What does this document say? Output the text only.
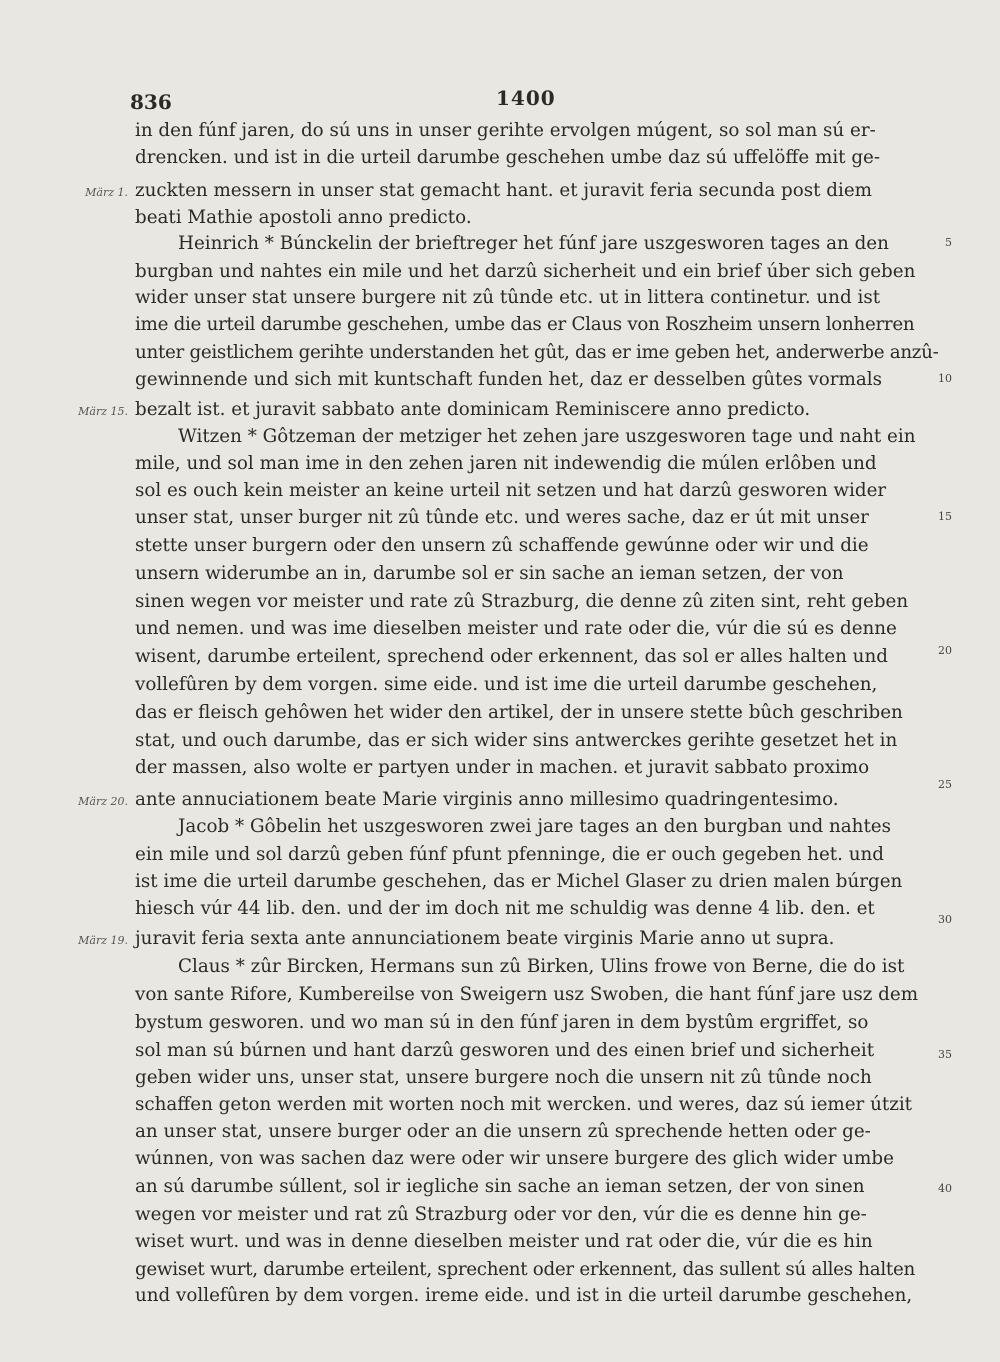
836	1400
in den fúnf jaren, do sú uns in unser gerihte ervolgen múgent, so sol man sú er-
drencken. und ist in die urteil darumbe geschehen umbe daz sú uffelöffe mit ge-
zuckten messern in unser stat gemacht hant. et juravit feria secunda post diem
beati Mathie apostoli anno predicto.
Heinrich * Búnckelin der brieftreger het fúnf jare uszgesworen tages an den
burgban und nahtes ein mile und het darzû sicherheit und ein brief úber sich geben
wider unser stat unsere burgere nit zû tûnde etc. ut in littera continetur. und ist
ime die urteil darumbe geschehen, umbe das er Claus von Roszheim unsern lonherren
unter geistlichem gerihte understanden het gût, das er ime geben het, anderwerbe anzû-
gewinnende und sich mit kuntschaft funden het, daz er desselben gûtes vormals
bezalt ist. et juravit sabbato ante dominicam Reminiscere anno predicto.
Witzen * Gôtzeman der metziger het zehen jare uszgesworen tage und naht ein
mile, und sol man ime in den zehen jaren nit indewendig die múlen erlôben und
sol es ouch kein meister an keine urteil nit setzen und hat darzû gesworen wider
unser stat, unser burger nit zû tûnde etc. und weres sache, daz er út mit unser
stette unser burgern oder den unsern zû schaffende gewúnne oder wir und die
unsern widerumbe an in, darumbe sol er sin sache an ieman setzen, der von
sinen wegen vor meister und rate zû Strazburg, die denne zû ziten sint, reht geben
und nemen. und was ime dieselben meister und rate oder die, vúr die sú es denne
wisent, darumbe erteilent, sprechend oder erkennent, das sol er alles halten und
vollefûren by dem vorgen. sime eide. und ist ime die urteil darumbe geschehen,
das er fleisch gehôwen het wider den artikel, der in unsere stette bûch geschriben
stat, und ouch darumbe, das er sich wider sins antwerckes gerihte gesetzet het in
der massen, also wolte er partyen under in machen. et juravit sabbato proximo
ante annuciationem beate Marie virginis anno millesimo quadringentesimo.
Jacob * Gôbelin het uszgesworen zwei jare tages an den burgban und nahtes
ein mile und sol darzû geben fúnf pfunt pfenninge, die er ouch gegeben het. und
ist ime die urteil darumbe geschehen, das er Michel Glaser zu drien malen búrgen
hiesch vúr 44 lib. den. und der im doch nit me schuldig was denne 4 lib. den. et
juravit feria sexta ante annunciationem beate virginis Marie anno ut supra.
Claus * zûr Bircken, Hermans sun zû Birken, Ulins frowe von Berne, die do ist
von sante Rifore, Kumbereilse von Sweigern usz Swoben, die hant fúnf jare usz dem
bystum gesworen. und wo man sú in den fúnf jaren in dem bystûm ergriffet, so
sol man sú búrnen und hant darzû gesworen und des einen brief und sicherheit
geben wider uns, unser stat, unsere burgere noch die unsern nit zû tûnde noch
schaffen geton werden mit worten noch mit wercken. und weres, daz sú iemer útzit
an unser stat, unsere burger oder an die unsern zû sprechende hetten oder ge-
wúnnen, von was sachen daz were oder wir unsere burgere des glich wider umbe
an sú darumbe súllent, sol ir iegliche sin sache an ieman setzen, der von sinen
wegen vor meister und rat zû Strazburg oder vor den, vúr die es denne hin ge-
wiset wurt. und was in denne dieselben meister und rat oder die, vúr die es hin
gewiset wurt, darumbe erteilent, sprechent oder erkennent, das sullent sú alles halten
und vollefûren by dem vorgen. ireme eide. und ist in die urteil darumbe geschehen,
März 1.
März 15.
März 20.
März 19.
5
10
15
20
25
30
35
40
